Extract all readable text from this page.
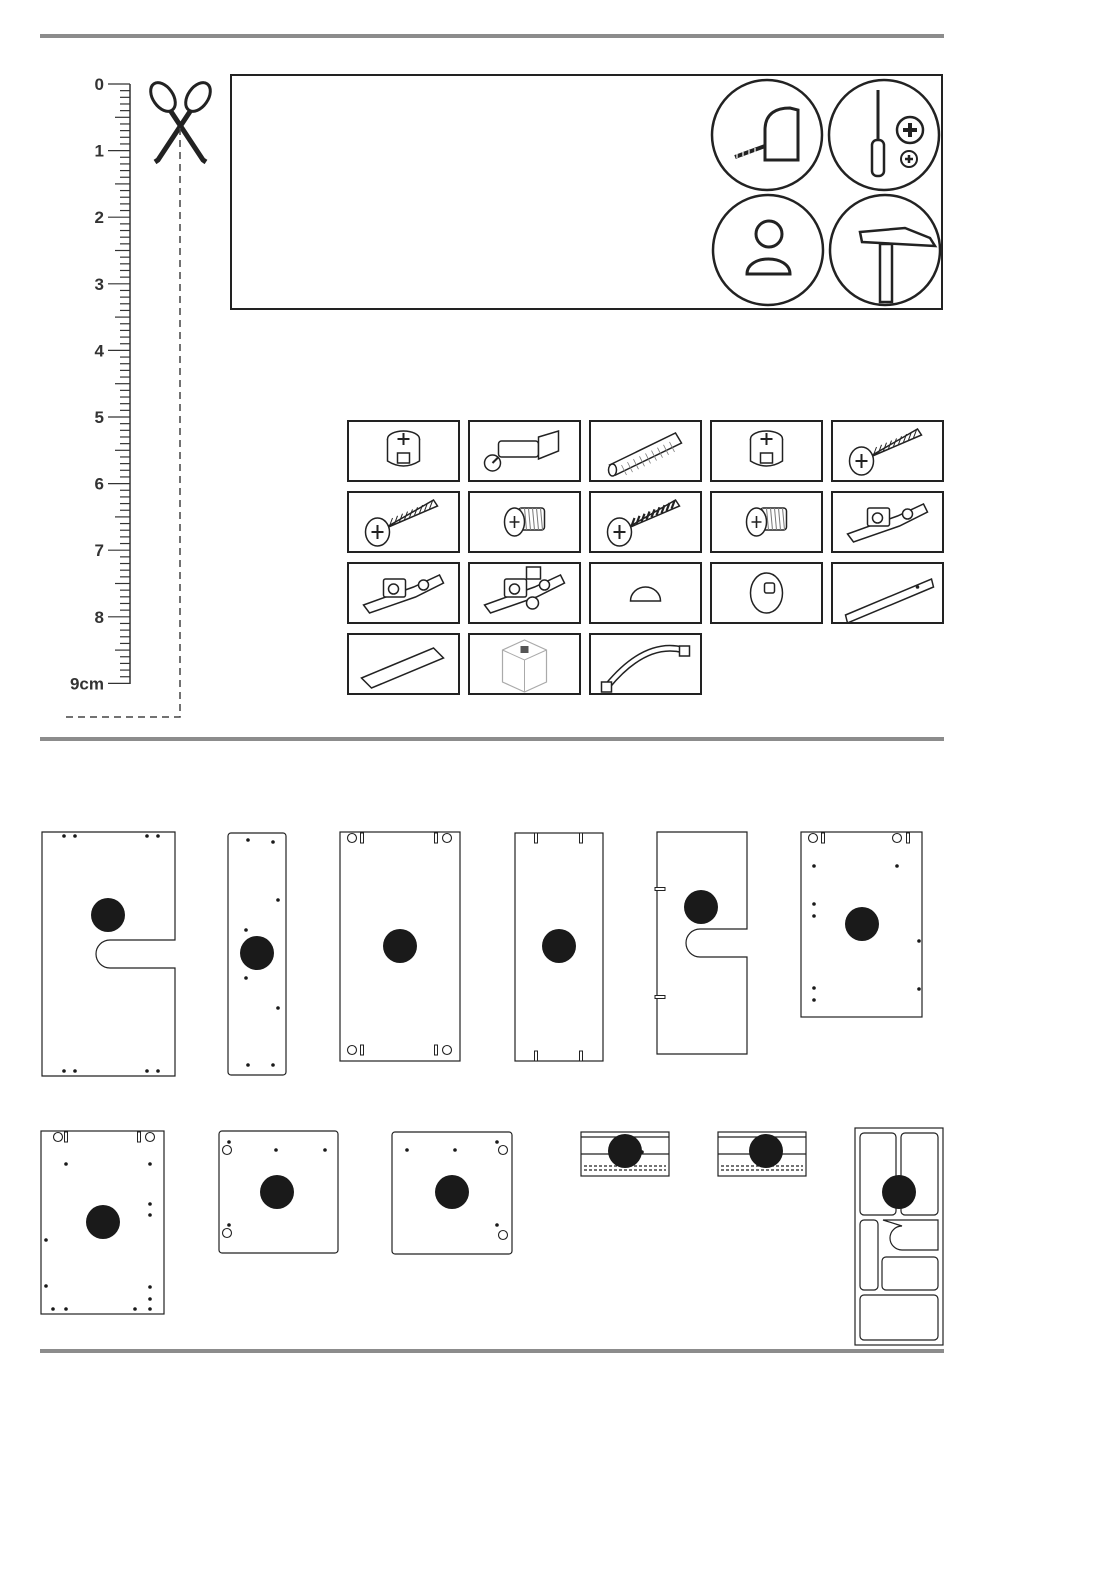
0
1
2
3
4
5
6
7
8
9cm
